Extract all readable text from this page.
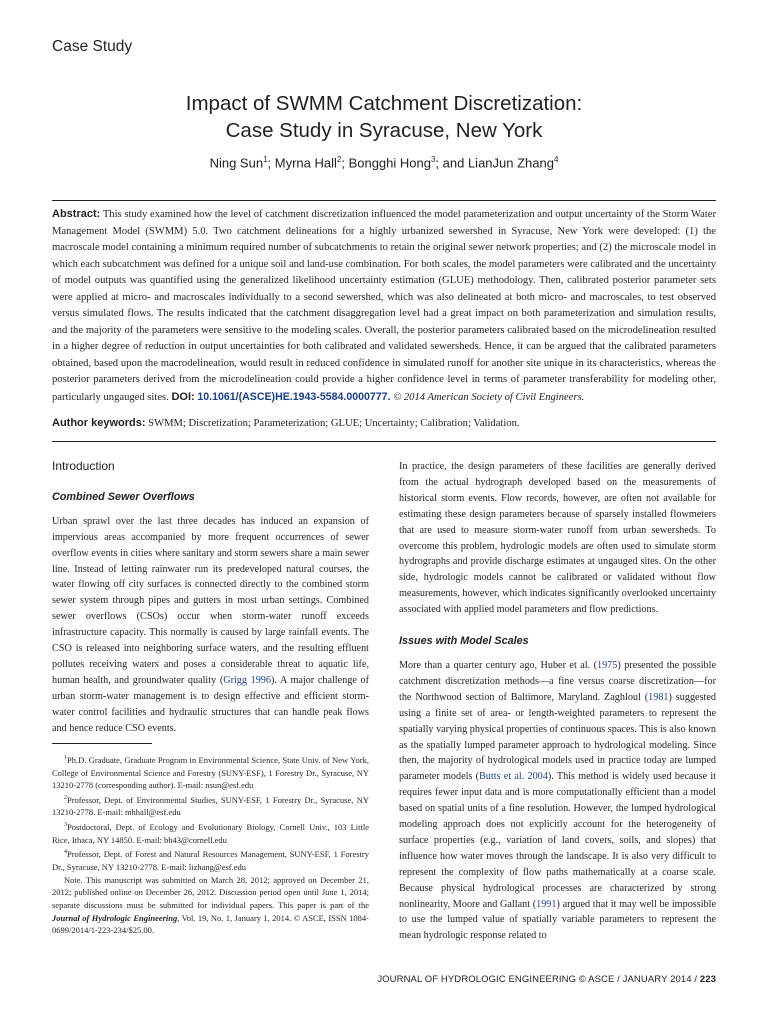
Case Study
Impact of SWMM Catchment Discretization:
Case Study in Syracuse, New York
Ning Sun$^1$; Myrna Hall$^2$; Bongghi Hong$^3$; and LianJun Zhang$^4$

Abstract: This study examined how the level of catchment discretization influenced the model parameterization and output uncertainty of the Storm Water Management Model (SWMM) 5.0. Two catchment delineations for a highly urbanized sewershed in Syracuse, New York were developed: (1) the macroscale model containing a minimum required number of subcatchments to retain the original sewer network properties; and (2) the microscale model in which each subcatchment was defined for a unique soil and land-use combination. For both scales, the model parameters were calibrated and the uncertainty of model outputs was quantified using the generalized likelihood uncertainty estimation (GLUE) methodology. Then, calibrated posterior parameter sets were applied at micro- and macroscales individually to a second sewershed, which was also delineated at both micro- and macroscales, to test observed versus simulated flows. The results indicated that the catchment disaggregation level had a great impact on both parameterization and simulation results, and the majority of the parameters were sensitive to the modeling scales. Overall, the posterior parameters calibrated based on the microdelineation resulted in a higher degree of reduction in output uncertainties for both calibrated and validated sewersheds. Hence, it can be argued that the calibrated parameters obtained, based upon the macrodelineation, would result in reduced confidence in simulated runoff for another site unique in its characteristics, whereas the posterior parameters derived from the microdelineation could provide a higher confidence level in terms of parameter transferability for modeling other, particularly ungauged sites. DOI: 10.1061/(ASCE)HE.1943-5584.0000777. © 2014 American Society of Civil Engineers.

Author keywords: SWMM; Discretization; Parameterization; GLUE; Uncertainty; Calibration; Validation.

Introduction
Combined Sewer Overflows

Urban sprawl over the last three decades has induced an expansion of impervious areas accompanied by more frequent occurrences of sewer overflow events in cities where sanitary and storm sewers share a main sewer line. Instead of letting rainwater run its predeveloped natural courses, the water flowing off city surfaces is connected directly to the combined storm sewer system through pipes and gutters in most urban settings. Combined sewer overflows (CSOs) occur when storm-water runoff exceeds infrastructure capacity. This normally is caused by large rainfall events. The CSO is released into neighboring surface waters, and the resulting effluent pollutes receiving waters and poses a considerable threat to aquatic life, human health, and groundwater quality (Grigg 1996). A major challenge of urban storm-water management is to design effective and efficient storm-water control facilities and hydraulic structures that can handle peak flows and hence reduce CSO events.

$^1$Ph.D. Graduate, Graduate Program in Environmental Science, State Univ. of New York, College of Environmental Science and Forestry (SUNY-ESF), 1 Forestry Dr., Syracuse, NY 13210-2778 (corresponding author). E-mail: nsun@esf.edu

$^2$Professor, Dept. of Environmental Studies, SUNY-ESF, 1 Forestry Dr., Syracuse, NY 13210-2778. E-mail: mhhall@esf.edu

$^3$Postdoctoral, Dept. of Ecology and Evolutionary Biology, Cornell Univ., 103 Little Rice, Ithaca, NY 14850. E-mail: bh43@cornell.edu

$^4$Professor, Dept. of Forest and Natural Resources Management, SUNY-ESF, 1 Forestry Dr., Syracuse, NY 13210-2778. E-mail: lizhang@esf.edu

Note. This manuscript was submitted on March 28, 2012; approved on December 21, 2012; published online on December 26, 2012. Discussion period open until June 1, 2014; separate discussions must be submitted for individual papers. This paper is part of the Journal of Hydrologic Engineering, Vol. 19, No. 1, January 1, 2014. © ASCE, ISSN 1084-0699/2014/1-223-234/$25.00.

In practice, the design parameters of these facilities are generally derived from the actual hydrograph developed based on the measurements of historical storm events. Flow records, however, are often not available for estimating these design parameters because of sparsely installed flowmeters that are used to measure storm-water runoff from urban sewersheds. To overcome this problem, hydrologic models are often used to simulate storm hydrographs and provide discharge estimates at ungauged sites. On the other side, hydrologic models cannot be calibrated or validated without flow measurements, however, which indicates significantly overlooked uncertainty associated with applied model parameters and flow predictions.

Issues with Model Scales

More than a quarter century ago, Huber et al. (1975) presented the possible catchment discretization methods—a fine versus coarse discretization—for the Northwood section of Baltimore, Maryland. Zaghloul (1981) suggested using a finite set of area- or length-weighted parameters to represent the spatially varying physical properties of continuous spaces. This is also known as the spatially lumped parameter approach to hydrological modeling. Since then, the majority of hydrological models used in practice today are lumped parameter models (Butts et al. 2004). This method is widely used because it requires fewer input data and is more computationally efficient than a model based on spatial units of a fine resolution. However, the lumped hydrological modeling approach does not explicitly account for the heterogeneity of surface properties (e.g., variation of land covers, soils, and slopes) that influence how water moves through the landscape. It is also very difficult to represent the complexity of flow paths mathematically at a coarse scale. Because physical hydrological processes are characterized by strong nonlinearity, Moore and Gallant (1991) argued that it may well be impossible to use the lumped value of spatially variable parameters to represent the mean hydrologic response related to

JOURNAL OF HYDROLOGIC ENGINEERING © ASCE / JANUARY 2014 / 223
